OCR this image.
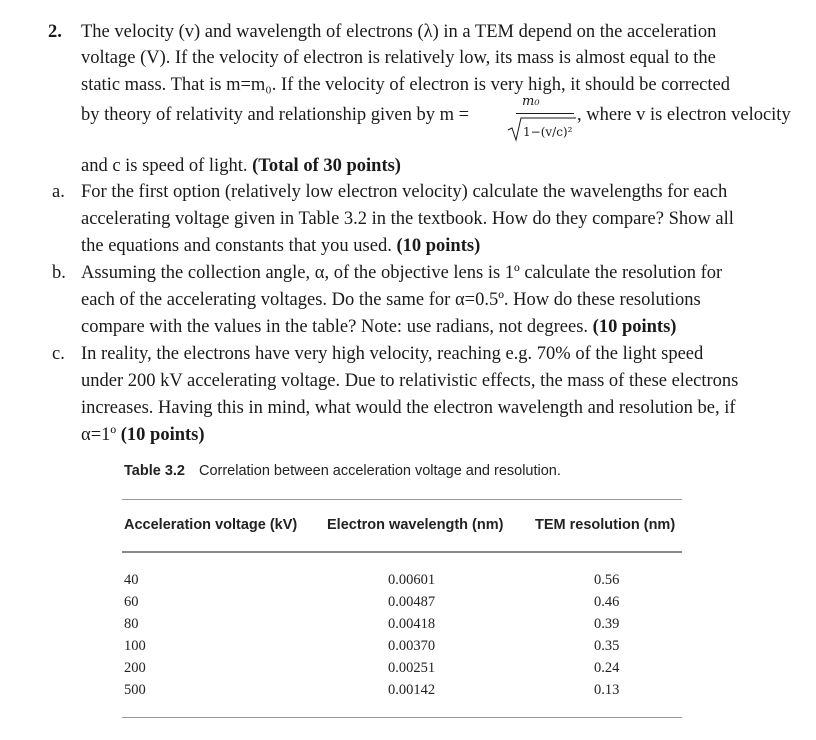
2. The velocity (v) and wavelength of electrons (λ) in a TEM depend on the acceleration
voltage (V). If the velocity of electron is relatively low, its mass is almost equal to the
static mass. That is m=m₀. If the velocity of electron is very high, it should be corrected
by theory of relativity and relationship given by m =
m₀
1−(v/c)²
, where v is electron velocity
and c is speed of light. (Total of 30 points)
a. For the first option (relatively low electron velocity) calculate the wavelengths for each
accelerating voltage given in Table 3.2 in the textbook. How do they compare? Show all
the equations and constants that you used. (10 points)
b. Assuming the collection angle, α, of the objective lens is 1º calculate the resolution for
each of the accelerating voltages. Do the same for α=0.5º. How do these resolutions
compare with the values in the table? Note: use radians, not degrees. (10 points)
c. In reality, the electrons have very high velocity, reaching e.g. 70% of the light speed
under 200 kV accelerating voltage. Due to relativistic effects, the mass of these electrons
increases. Having this in mind, what would the electron wavelength and resolution be, if
α=1º (10 points)
Table 3.2 Correlation between acceleration voltage and resolution.
Acceleration voltage (kV) Electron wavelength (nm) TEM resolution (nm)
40	0.00601	0.56
60	0.00487	0.46
80	0.00418	0.39
100	0.00370	0.35
200	0.00251	0.24
500	0.00142	0.13
